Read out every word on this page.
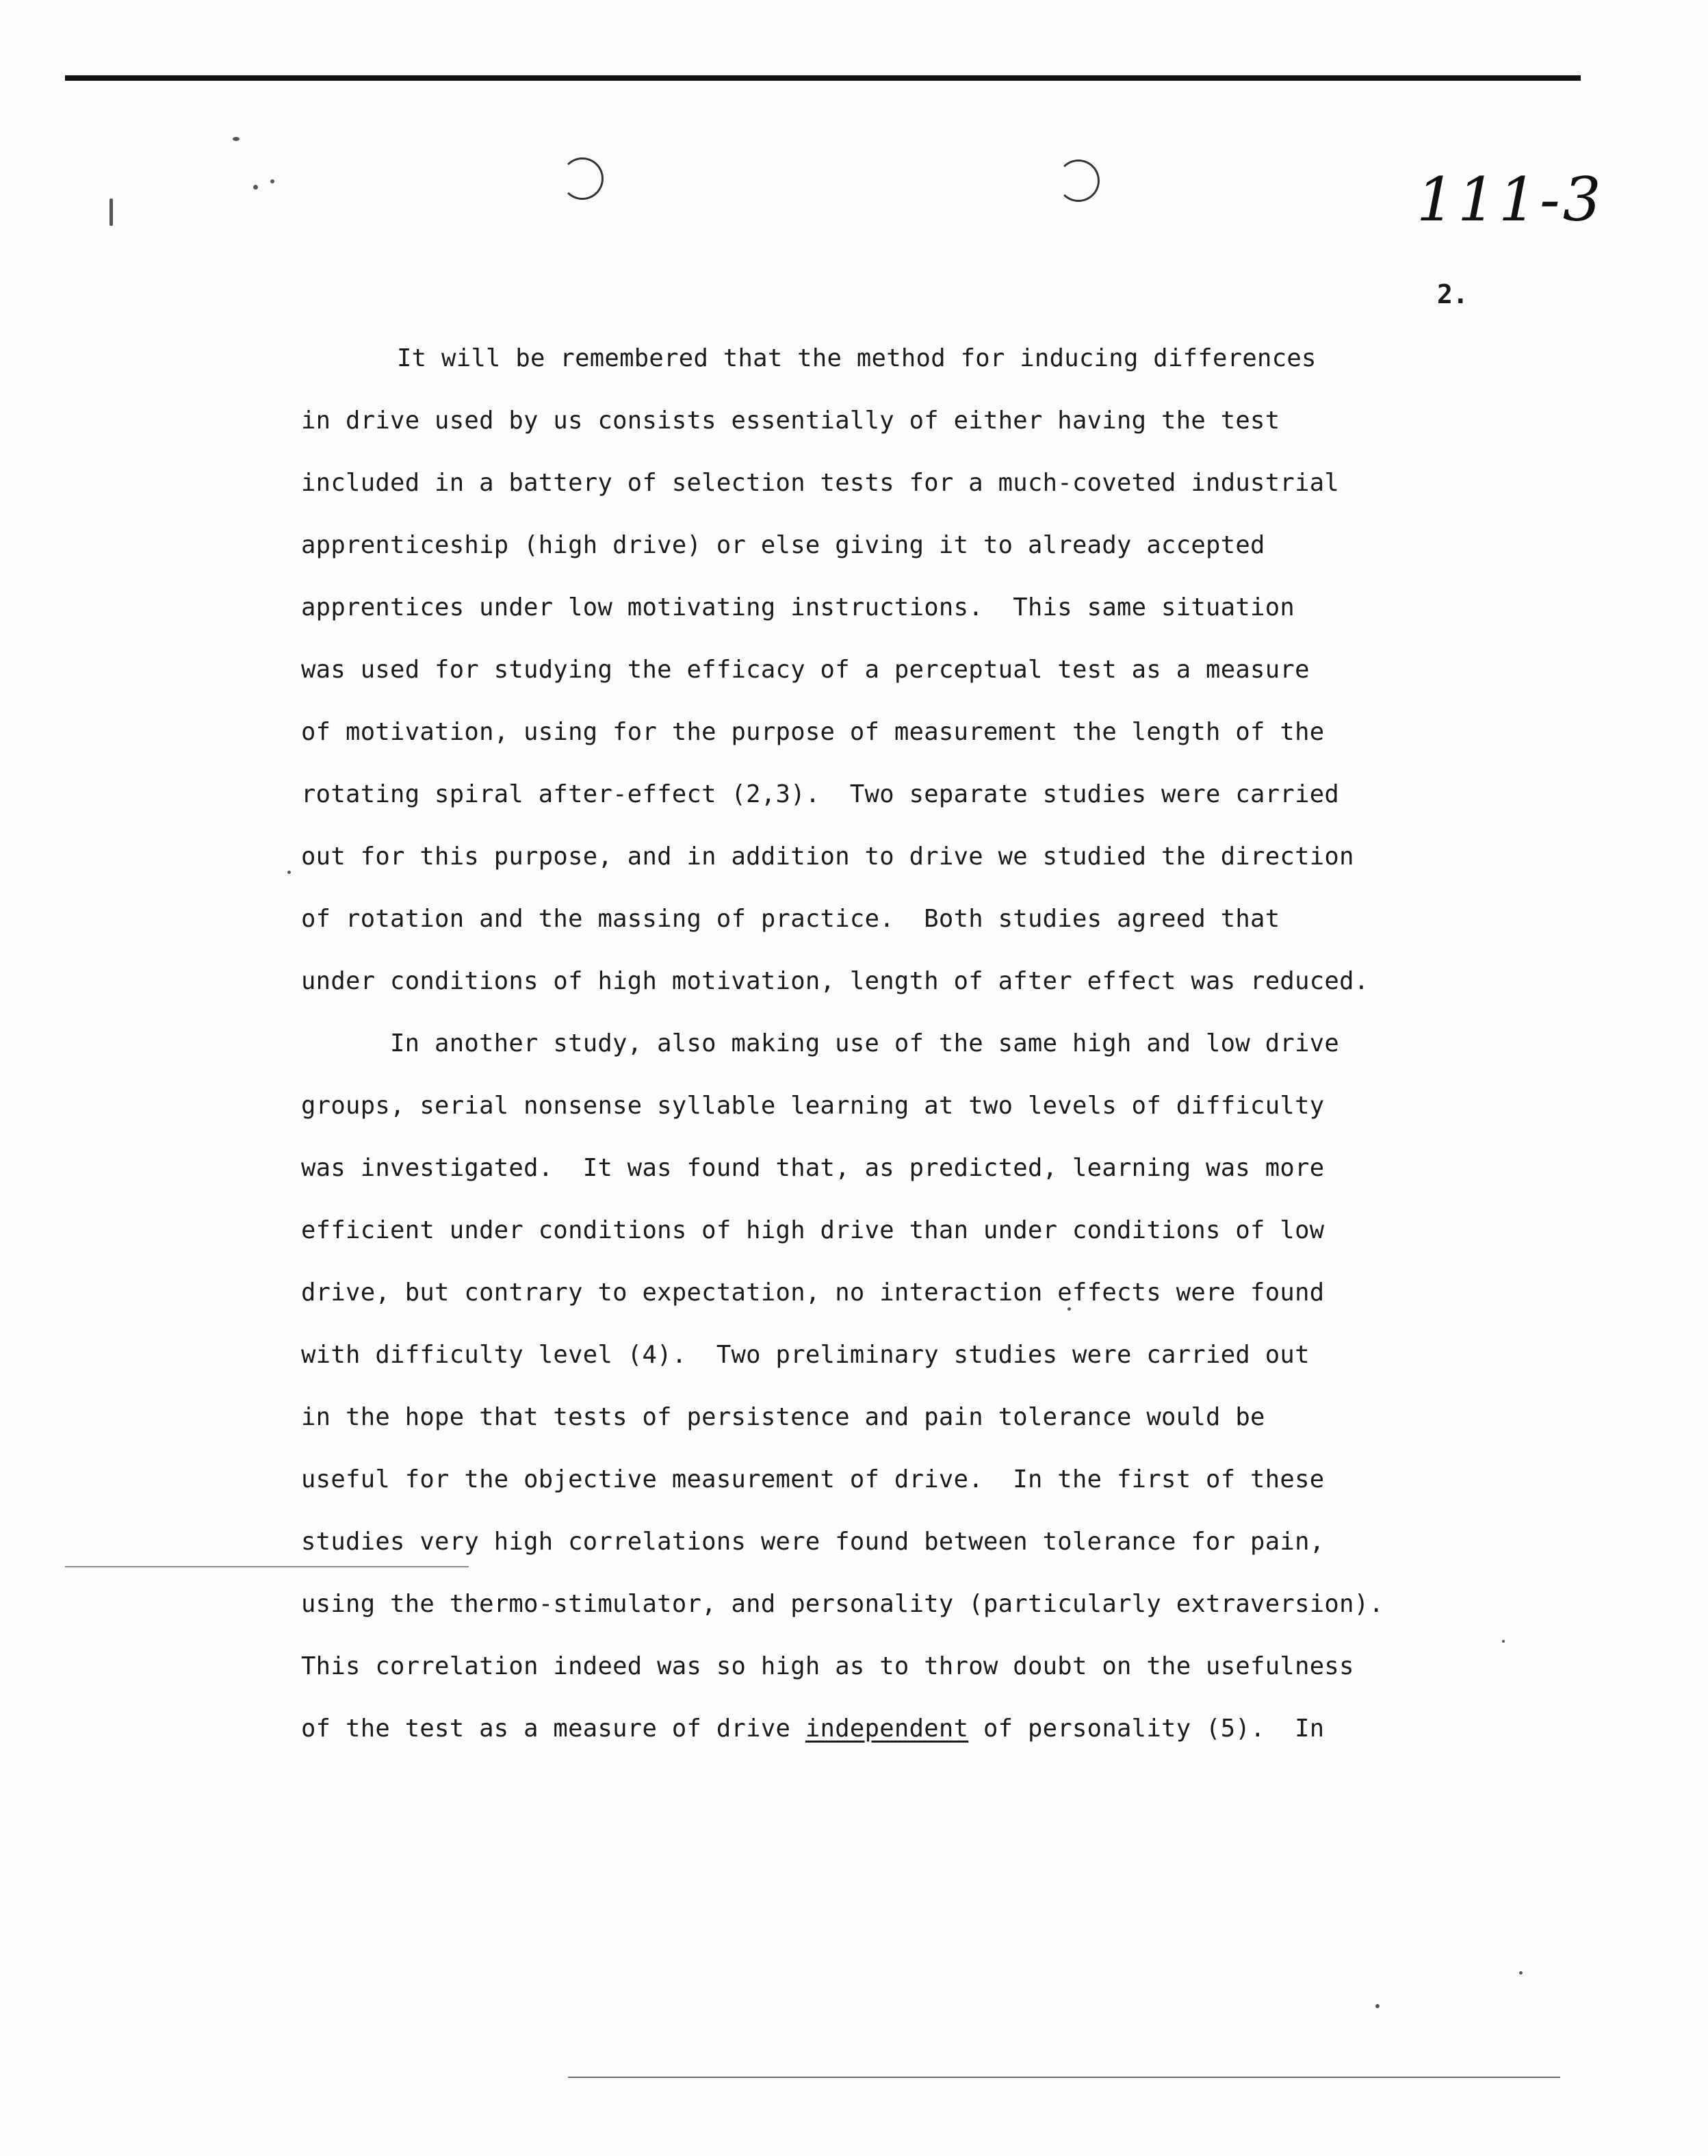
111-3
2.
It will be remembered that the method for inducing differences
in drive used by us consists essentially of either having the test
included in a battery of selection tests for a much-coveted industrial
apprenticeship (high drive) or else giving it to already accepted
apprentices under low motivating instructions.  This same situation
was used for studying the efficacy of a perceptual test as a measure
of motivation, using for the purpose of measurement the length of the
rotating spiral after-effect (2,3).  Two separate studies were carried
out for this purpose, and in addition to drive we studied the direction
of rotation and the massing of practice.  Both studies agreed that
under conditions of high motivation, length of after effect was reduced.
In another study, also making use of the same high and low drive
groups, serial nonsense syllable learning at two levels of difficulty
was investigated.  It was found that, as predicted, learning was more
efficient under conditions of high drive than under conditions of low
drive, but contrary to expectation, no interaction effects were found
with difficulty level (4).  Two preliminary studies were carried out
in the hope that tests of persistence and pain tolerance would be
useful for the objective measurement of drive.  In the first of these
studies very high correlations were found between tolerance for pain,
using the thermo-stimulator, and personality (particularly extraversion).
This correlation indeed was so high as to throw doubt on the usefulness
of the test as a measure of drive independent of personality (5).  In
